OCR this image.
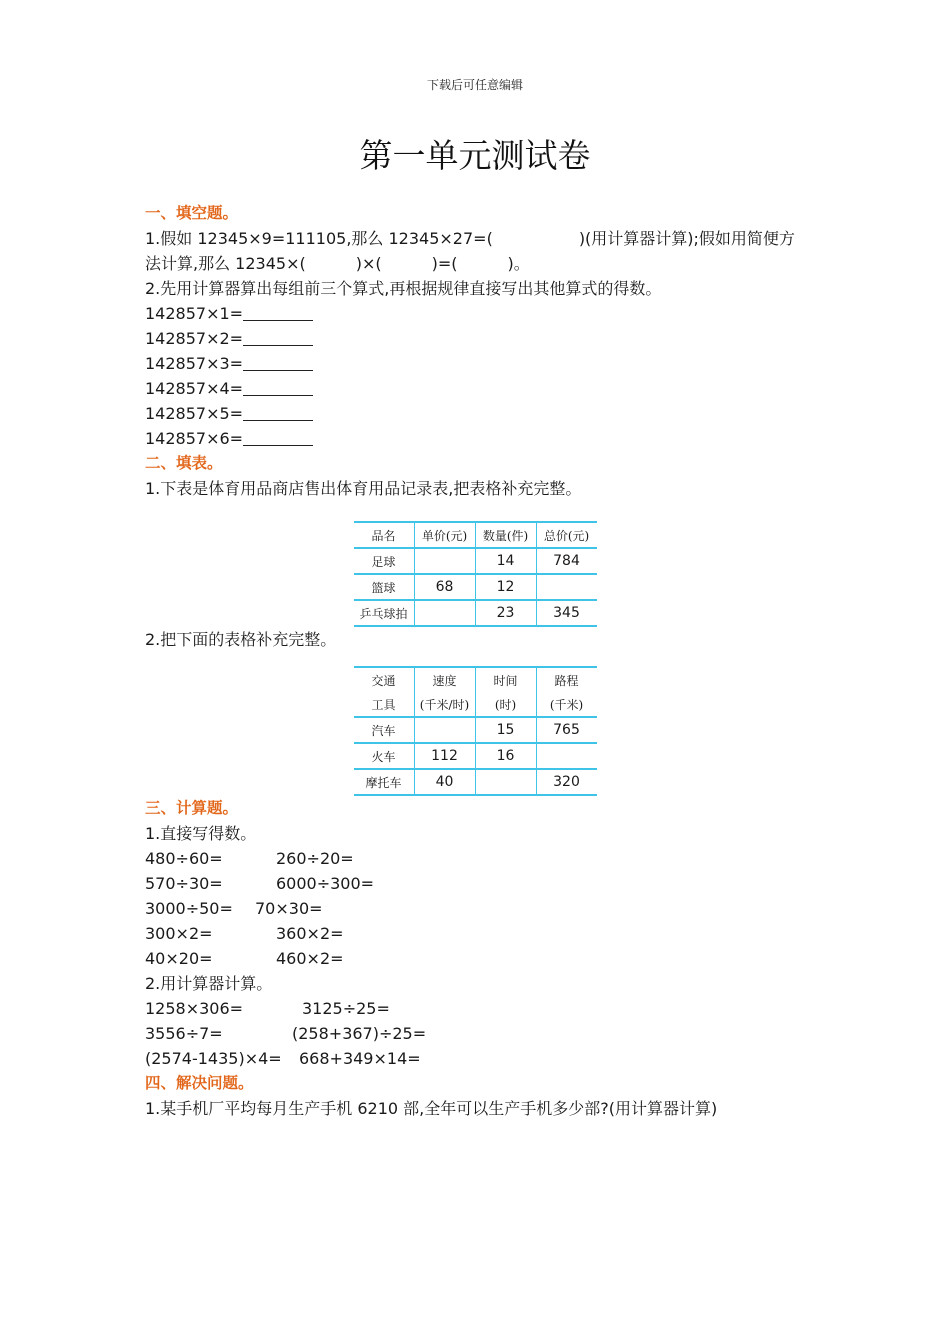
下载后可任意编辑
第一单元测试卷
一、填空题。
1.假如 12345×9=111105,那么 12345×27=(	)(用计算器计算);假如用简便方
法计算,那么 12345×(	)×(	)=(	)。
2.先用计算器算出每组前三个算式,再根据规律直接写出其他算式的得数。
142857×1=
142857×2=
142857×3=
142857×4=
142857×5=
142857×6=
二、填表。
1.下表是体育用品商店售出体育用品记录表,把表格补充完整。
品名	单价(元)	数量(件)	总价(元)
足球		14	784
篮球	68	12	
乒乓球拍		23	345
2.把下面的表格补充完整。
交通	速度	时间	路程
工具	(千米/时)	(时)	(千米)
汽车		15	765
火车	112	16	
摩托车	40		320
三、计算题。
1.直接写得数。
480÷60=	260÷20=
570÷30=	6000÷300=
3000÷50= 70×30=
300×2=	360×2=
40×20=	460×2=
2.用计算器计算。
1258×306=	3125÷25=
3556÷7=	(258+367)÷25=
(2574-1435)×4= 668+349×14=
四、解决问题。
1.某手机厂平均每月生产手机 6210 部,全年可以生产手机多少部?(用计算器计算)
